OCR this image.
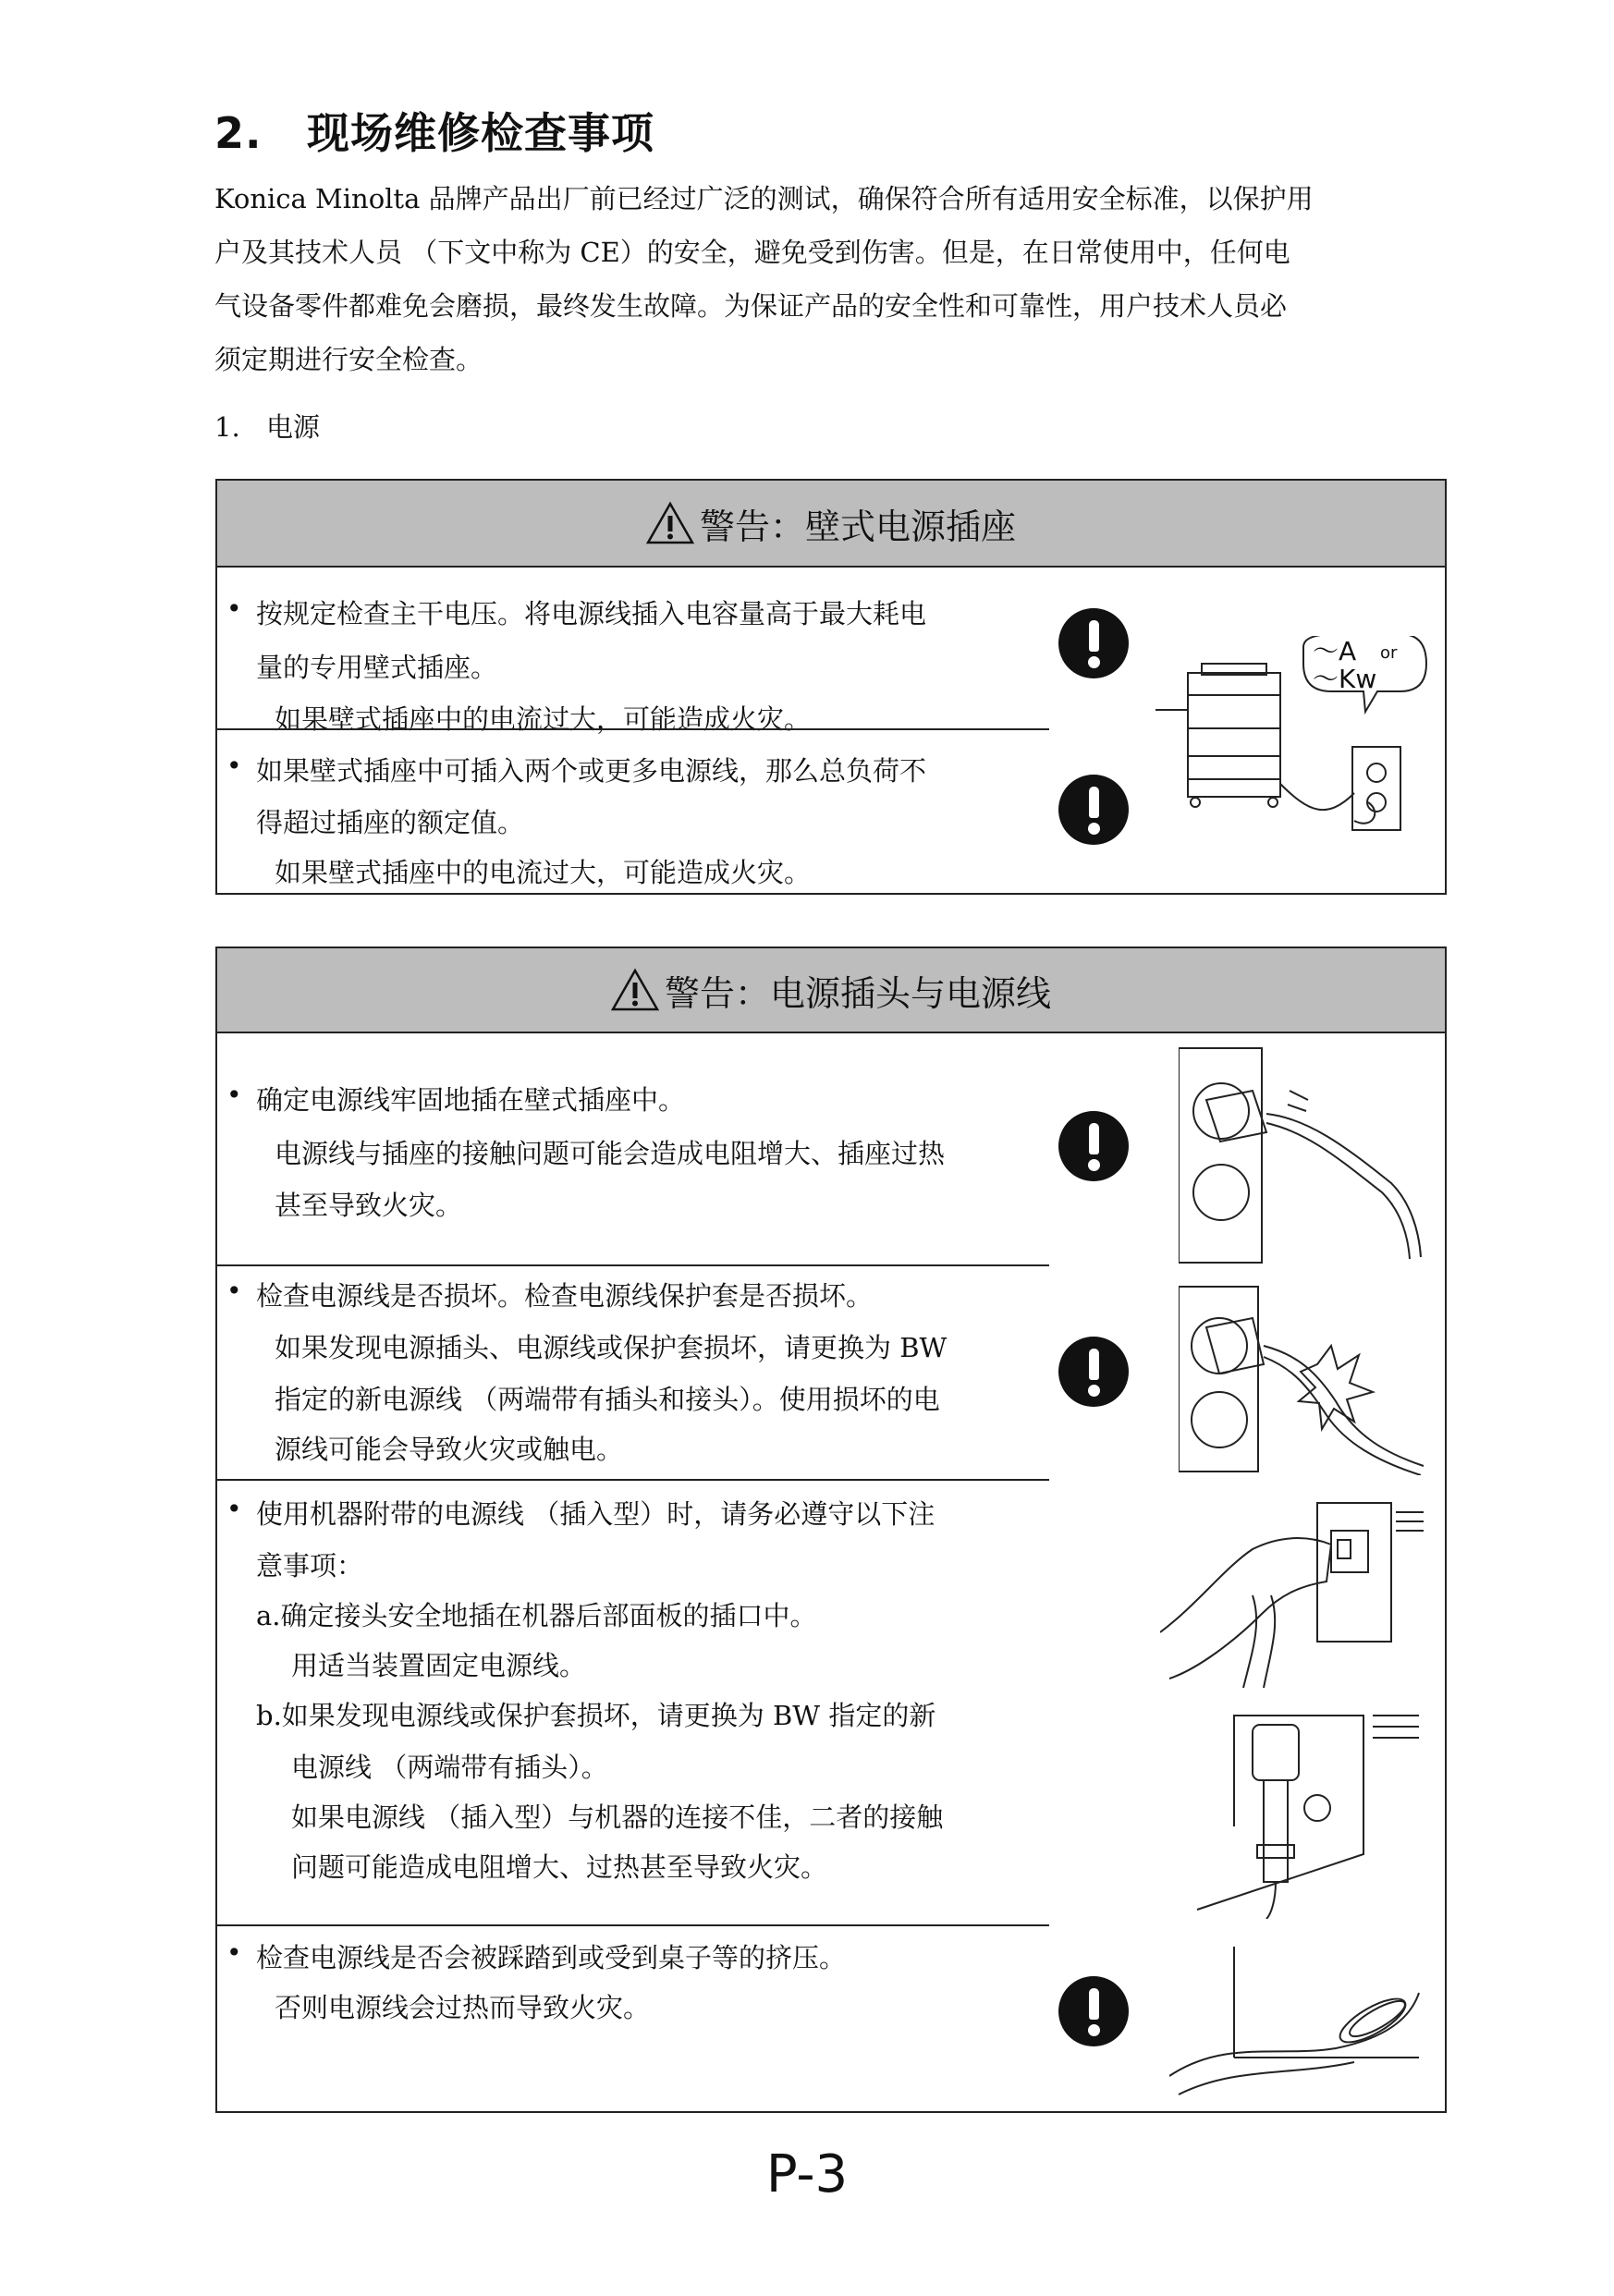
2. 现场维修检查事项
Konica Minolta 品牌产品出厂前已经过广泛的测试，确保符合所有适用安全标准，以保护用
户及其技术人员 （下文中称为 CE）的安全，避免受到伤害。但是，在日常使用中，任何电
气设备零件都难免会磨损，最终发生故障。为保证产品的安全性和可靠性，用户技术人员必
须定期进行安全检查。
1. 电源
警告：壁式电源插座
• 按规定检查主干电压。将电源线插入电容量高于最大耗电
量的专用壁式插座。
如果壁式插座中的电流过大，可能造成火灾。
• 如果壁式插座中可插入两个或更多电源线，那么总负荷不
得超过插座的额定值。
如果壁式插座中的电流过大，可能造成火灾。
～A or
～Kw
警告：电源插头与电源线
• 确定电源线牢固地插在壁式插座中。
电源线与插座的接触问题可能会造成电阻增大、插座过热
甚至导致火灾。
• 检查电源线是否损坏。检查电源线保护套是否损坏。
如果发现电源插头、电源线或保护套损坏，请更换为 BW
指定的新电源线 （两端带有插头和接头）。使用损坏的电
源线可能会导致火灾或触电。
• 使用机器附带的电源线 （插入型）时，请务必遵守以下注
意事项：
a.确定接头安全地插在机器后部面板的插口中。
用适当装置固定电源线。
b.如果发现电源线或保护套损坏，请更换为 BW 指定的新
电源线 （两端带有插头）。
如果电源线 （插入型）与机器的连接不佳，二者的接触
问题可能造成电阻增大、过热甚至导致火灾。
• 检查电源线是否会被踩踏到或受到桌子等的挤压。
否则电源线会过热而导致火灾。
P-3
